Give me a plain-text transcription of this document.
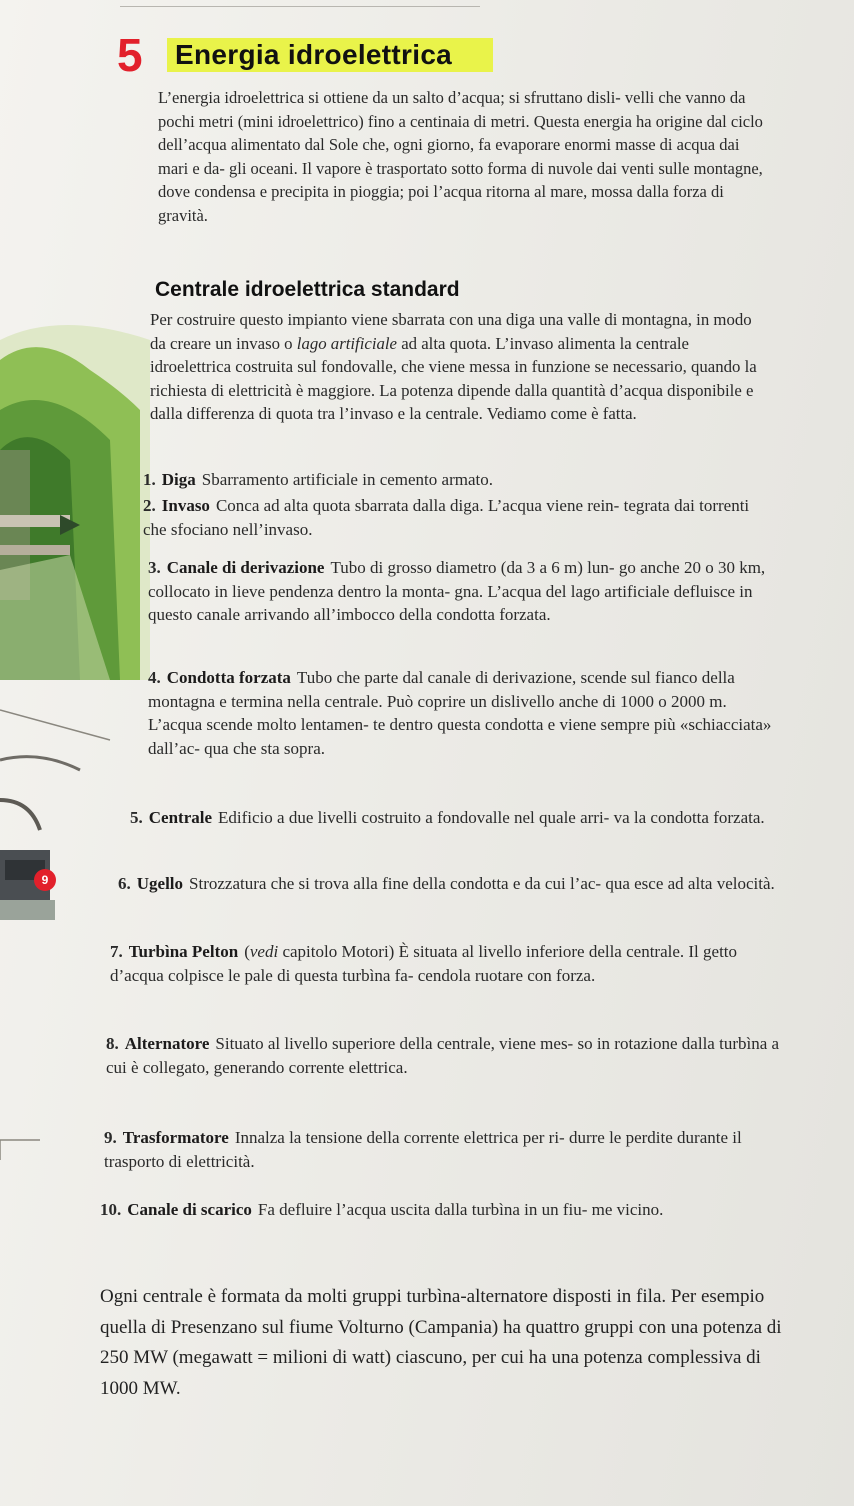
9
5 Energia idroelettrica
L’energia idroelettrica si ottiene da un salto d’acqua; si sfruttano disli- velli che vanno da pochi metri (mini idroelettrico) fino a centinaia di metri. Questa energia ha origine dal ciclo dell’acqua alimentato dal Sole che, ogni giorno, fa evaporare enormi masse di acqua dai mari e da- gli oceani. Il vapore è trasportato sotto forma di nuvole dai venti sulle montagne, dove condensa e precipita in pioggia; poi l’acqua ritorna al mare, mossa dalla forza di gravità.
Centrale idroelettrica standard
Per costruire questo impianto viene sbarrata con una diga una valle di montagna, in modo da creare un invaso o lago artificiale ad alta quota. L’invaso alimenta la centrale idroelettrica costruita sul fondovalle, che viene messa in funzione se necessario, quando la richiesta di elettricità è maggiore. La potenza dipende dalla quantità d’acqua disponibile e dalla differenza di quota tra l’invaso e la centrale. Vediamo come è fatta.
1. Diga Sbarramento artificiale in cemento armato.
2. Invaso Conca ad alta quota sbarrata dalla diga. L’acqua viene rein- tegrata dai torrenti che sfociano nell’invaso.
3. Canale di derivazione Tubo di grosso diametro (da 3 a 6 m) lun- go anche 20 o 30 km, collocato in lieve pendenza dentro la monta- gna. L’acqua del lago artificiale defluisce in questo canale arrivando all’imbocco della condotta forzata.
4. Condotta forzata Tubo che parte dal canale di derivazione, scende sul fianco della montagna e termina nella centrale. Può coprire un dislivello anche di 1000 o 2000 m. L’acqua scende molto lentamen- te dentro questa condotta e viene sempre più «schiacciata» dall’ac- qua che sta sopra.
5. Centrale Edificio a due livelli costruito a fondovalle nel quale arri- va la condotta forzata.
6. Ugello Strozzatura che si trova alla fine della condotta e da cui l’ac- qua esce ad alta velocità.
7. Turbìna Pelton (vedi capitolo Motori) È situata al livello inferiore della centrale. Il getto d’acqua colpisce le pale di questa turbìna fa- cendola ruotare con forza.
8. Alternatore Situato al livello superiore della centrale, viene mes- so in rotazione dalla turbìna a cui è collegato, generando corrente elettrica.
9. Trasformatore Innalza la tensione della corrente elettrica per ri- durre le perdite durante il trasporto di elettricità.
10. Canale di scarico Fa defluire l’acqua uscita dalla turbìna in un fiu- me vicino.
Ogni centrale è formata da molti gruppi turbìna-alternatore disposti in fila. Per esempio quella di Presenzano sul fiume Volturno (Campania) ha quattro gruppi con una potenza di 250 MW (megawatt = milioni di watt) ciascuno, per cui ha una potenza complessiva di 1000 MW.
